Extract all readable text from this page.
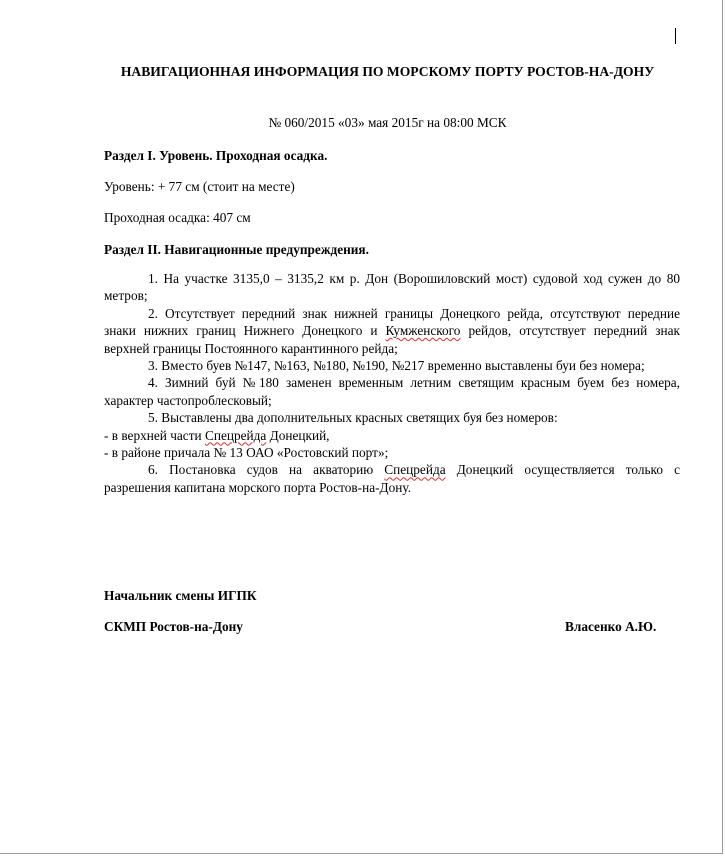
НАВИГАЦИОННАЯ ИНФОРМАЦИЯ ПО МОРСКОМУ ПОРТУ РОСТОВ-НА-ДОНУ
№ 060/2015 «03» мая 2015г на 08:00 МСК
Раздел I. Уровень. Проходная осадка.
Уровень: + 77 см (стоит на месте)
Проходная осадка: 407 см
Раздел II. Навигационные предупреждения.
1. На участке 3135,0 – 3135,2 км р. Дон (Ворошиловский мост) судовой ход сужен до 80 метров;
2. Отсутствует передний знак нижней границы Донецкого рейда, отсутствуют передние знаки нижних границ Нижнего Донецкого и Кумженского рейдов, отсутствует передний знак верхней границы Постоянного карантинного рейда;
3. Вместо буев №147, №163, №180, №190, №217 временно выставлены буи без номера;
4. Зимний буй №180 заменен временным летним светящим красным буем без номера, характер частопроблесковый;
5. Выставлены два дополнительных красных светящих буя без номеров:
- в верхней части Спецрейда Донецкий,
- в районе причала № 13 ОАО «Ростовский порт»;
6. Постановка судов на акваторию Спецрейда Донецкий осуществляется только с разрешения капитана морского порта Ростов-на-Дону.
Начальник смены ИГПК
СКМП Ростов-на-Дону	Власенко А.Ю.
